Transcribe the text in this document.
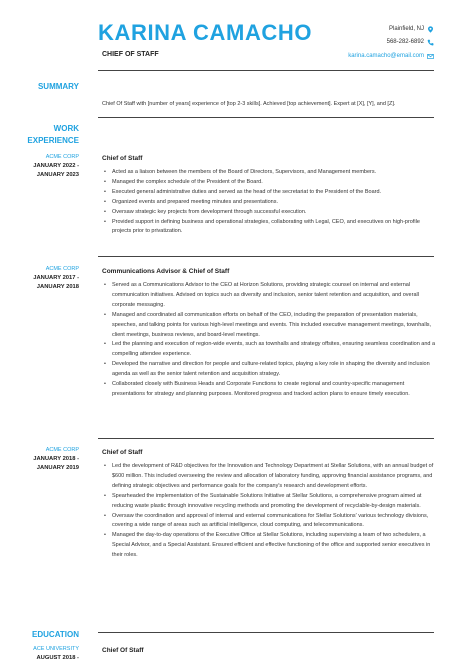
KARINA CAMACHO
CHIEF OF STAFF
Plainfield, NJ
568-282-6892
karina.camacho@email.com
SUMMARY
Chief Of Staff with [number of years] experience of [top 2-3 skills]. Achieved [top achievement]. Expert at [X], [Y], and [Z].
WORK EXPERIENCE
ACME CORP
JANUARY 2022 -
JANUARY 2023
Chief of Staff
• Acted as a liaison between the members of the Board of Directors, Supervisors, and Management members.
• Managed the complex schedule of the President of the Board.
• Executed general administrative duties and served as the head of the secretariat to the President of the Board.
• Organized events and prepared meeting minutes and presentations.
• Oversaw strategic key projects from development through successful execution.
• Provided support in defining business and operational strategies, collaborating with Legal, CEO, and executives on high-profile projects prior to privatization.
ACME CORP
JANUARY 2017 -
JANUARY 2018
Communications Advisor & Chief of Staff
• Served as a Communications Advisor to the CEO at Horizon Solutions, providing strategic counsel on internal and external communication initiatives. Advised on topics such as diversity and inclusion, senior talent retention and acquisition, and overall corporate messaging.
• Managed and coordinated all communication efforts on behalf of the CEO, including the preparation of presentation materials, speeches, and talking points for various high-level meetings and events. This included executive management meetings, townhalls, client meetings, business reviews, and board-level meetings.
• Led the planning and execution of region-wide events, such as townhalls and strategy offsites, ensuring seamless coordination and a compelling attendee experience.
• Developed the narrative and direction for people and culture-related topics, playing a key role in shaping the diversity and inclusion agenda as well as the senior talent retention and acquisition strategy.
• Collaborated closely with Business Heads and Corporate Functions to create regional and country-specific management presentations for strategy and planning purposes. Monitored progress and tracked action plans to ensure timely execution.
ACME CORP
JANUARY 2018 -
JANUARY 2019
Chief of Staff
• Led the development of R&D objectives for the Innovation and Technology Department at Stellar Solutions, with an annual budget of $600 million. This included overseeing the review and allocation of laboratory funding, approving financial assistance programs, and defining strategic objectives and performance goals for the company's research and development efforts.
• Spearheaded the implementation of the Sustainable Solutions Initiative at Stellar Solutions, a comprehensive program aimed at reducing waste plastic through innovative recycling methods and promoting the development of recyclable-by-design materials.
• Oversaw the coordination and approval of internal and external communications for Stellar Solutions' various technology divisions, covering a wide range of areas such as artificial intelligence, cloud computing, and telecommunications.
• Managed the day-to-day operations of the Executive Office at Stellar Solutions, including supervising a team of two schedulers, a Special Advisor, and a Special Assistant. Ensured efficient and effective functioning of the office and supported senior executives in their roles.
EDUCATION
ACE UNIVERSITY
AUGUST 2018 -
Chief Of Staff
